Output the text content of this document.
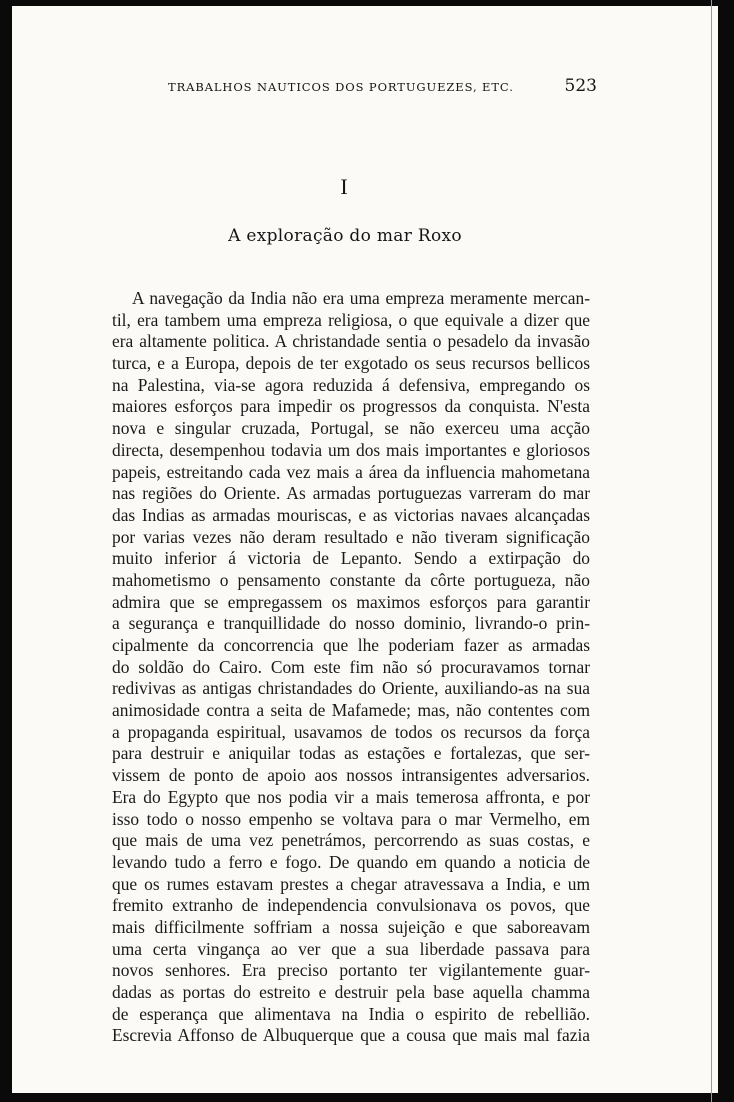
TRABALHOS NAUTICOS DOS PORTUGUEZES, ETC.	523
I
A exploração do mar Roxo
A navegação da India não era uma empreza meramente mercan-
til, era tambem uma empreza religiosa, o que equivale a dizer que
era altamente politica. A christandade sentia o pesadelo da invasão
turca, e a Europa, depois de ter exgotado os seus recursos bellicos
na Palestina, via-se agora reduzida á defensiva, empregando os
maiores esforços para impedir os progressos da conquista. N'esta
nova e singular cruzada, Portugal, se não exerceu uma acção
directa, desempenhou todavia um dos mais importantes e gloriosos
papeis, estreitando cada vez mais a área da influencia mahometana
nas regiões do Oriente. As armadas portuguezas varreram do mar
das Indias as armadas mouriscas, e as victorias navaes alcançadas
por varias vezes não deram resultado e não tiveram significação
muito inferior á victoria de Lepanto. Sendo a extirpação do
mahometismo o pensamento constante da côrte portugueza, não
admira que se empregassem os maximos esforços para garantir
a segurança e tranquillidade do nosso dominio, livrando-o prin-
cipalmente da concorrencia que lhe poderiam fazer as armadas
do soldão do Cairo. Com este fim não só procuravamos tornar
redivivas as antigas christandades do Oriente, auxiliando-as na sua
animosidade contra a seita de Mafamede; mas, não contentes com
a propaganda espiritual, usavamos de todos os recursos da força
para destruir e aniquilar todas as estações e fortalezas, que ser-
vissem de ponto de apoio aos nossos intransigentes adversarios.
Era do Egypto que nos podia vir a mais temerosa affronta, e por
isso todo o nosso empenho se voltava para o mar Vermelho, em
que mais de uma vez penetrámos, percorrendo as suas costas, e
levando tudo a ferro e fogo. De quando em quando a noticia de
que os rumes estavam prestes a chegar atravessava a India, e um
fremito extranho de independencia convulsionava os povos, que
mais difficilmente soffriam a nossa sujeição e que saboreavam
uma certa vingança ao ver que a sua liberdade passava para
novos senhores. Era preciso portanto ter vigilantemente guar-
dadas as portas do estreito e destruir pela base aquella chamma
de esperança que alimentava na India o espirito de rebellião.
Escrevia Affonso de Albuquerque que a cousa que mais mal fazia
